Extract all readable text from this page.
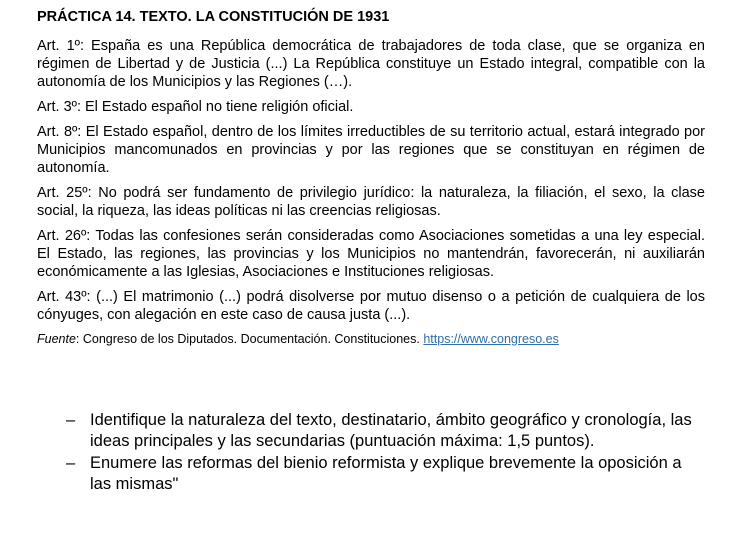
PRÁCTICA 14. TEXTO. LA CONSTITUCIÓN DE 1931

Art. 1º: España es una República democrática de trabajadores de toda clase, que se organiza en régimen de Libertad y de Justicia (...) La República constituye un Estado integral, compatible con la autonomía de los Municipios y las Regiones (…).

Art. 3º: El Estado español no tiene religión oficial.

Art. 8º: El Estado español, dentro de los límites irreductibles de su territorio actual, estará integrado por Municipios mancomunados en provincias y por las regiones que se constituyan en régimen de autonomía.

Art. 25º: No podrá ser fundamento de privilegio jurídico: la naturaleza, la filiación, el sexo, la clase social, la riqueza, las ideas políticas ni las creencias religiosas.

Art. 26º: Todas las confesiones serán consideradas como Asociaciones sometidas a una ley especial. El Estado, las regiones, las provincias y los Municipios no mantendrán, favorecerán, ni auxiliarán económicamente a las Iglesias, Asociaciones e Instituciones religiosas.

Art. 43º: (...) El matrimonio (...) podrá disolverse por mutuo disenso o a petición de cualquiera de los cónyuges, con alegación en este caso de causa justa (...).

Fuente: Congreso de los Diputados. Documentación. Constituciones. https://www.congreso.es

– Identifique la naturaleza del texto, destinatario, ámbito geográfico y cronología, las ideas principales y las secundarias (puntuación máxima: 1,5 puntos).
– Enumere las reformas del bienio reformista y explique brevemente la oposición a las mismas"
